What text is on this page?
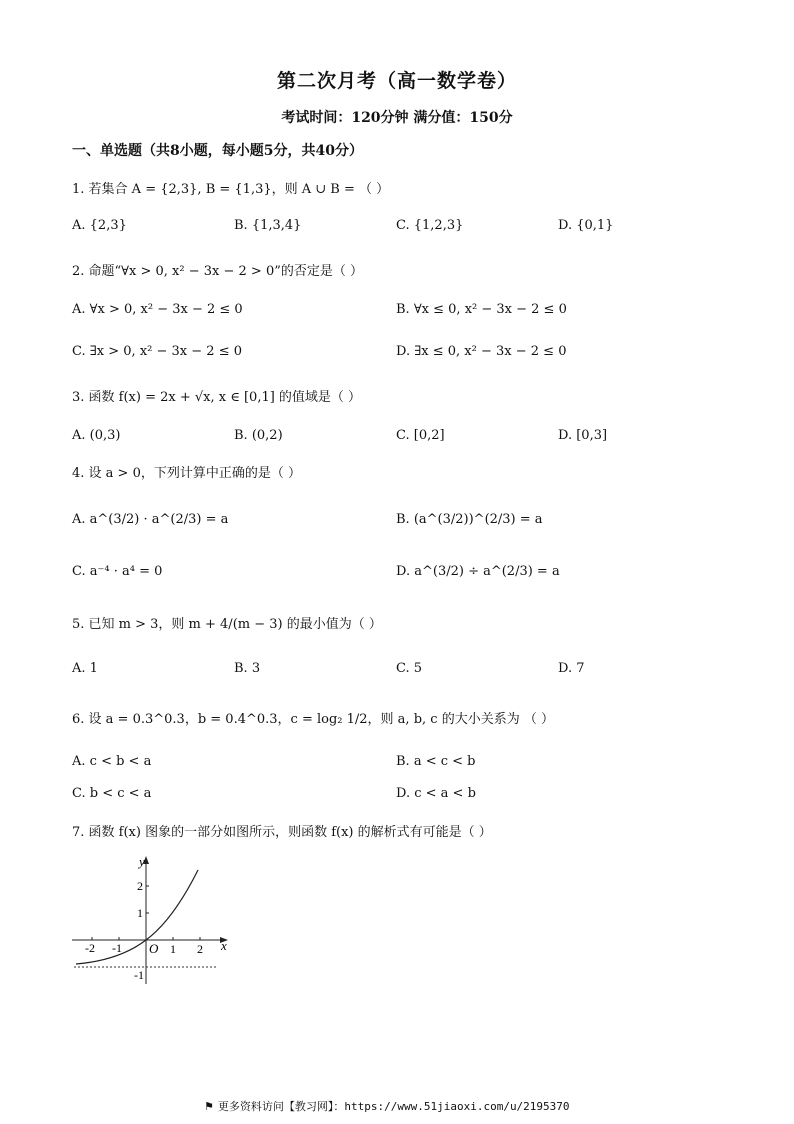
第二次月考（高一数学卷）
考试时间：120分钟 满分值：150分
一、单选题（共8小题，每小题5分，共40分）
1. 若集合 A = {2,3}, B = {1,3}，则 A ∪ B = （ ）
A. {2,3}	B. {1,3,4}	C. {1,2,3}	D. {0,1}
2. 命题“∀x > 0, x² − 3x − 2 > 0”的否定是（ ）
A. ∀x > 0, x² − 3x − 2 ≤ 0	B. ∀x ≤ 0, x² − 3x − 2 ≤ 0
C. ∃x > 0, x² − 3x − 2 ≤ 0	D. ∃x ≤ 0, x² − 3x − 2 ≤ 0
3. 函数 f(x) = 2x + √x, x ∈ [0,1] 的值域是（ ）
A. (0,3)	B. (0,2)	C. [0,2]	D. [0,3]
4. 设 a > 0，下列计算中正确的是（ ）
A. a^(3/2) · a^(2/3) = a	B. (a^(3/2))^(2/3) = a
C. a⁻⁴ · a⁴ = 0	D. a^(3/2) ÷ a^(2/3) = a
5. 已知 m > 3，则 m + 4/(m − 3) 的最小值为（ ）
A. 1	B. 3	C. 5	D. 7
6. 设 a = 0.3^0.3，b = 0.4^0.3，c = log₂ 1/2，则 a, b, c 的大小关系为 （ ）
A. c < b < a	B. a < c < b
C. b < c < a	D. c < a < b
7. 函数 f(x) 图象的一部分如图所示，则函数 f(x) 的解析式有可能是（ ）
x
y
O
-2 -1	1 2
2
1
-1
⚑ 更多资料访问【教习网】：https://www.51jiaoxi.com/u/2195370
